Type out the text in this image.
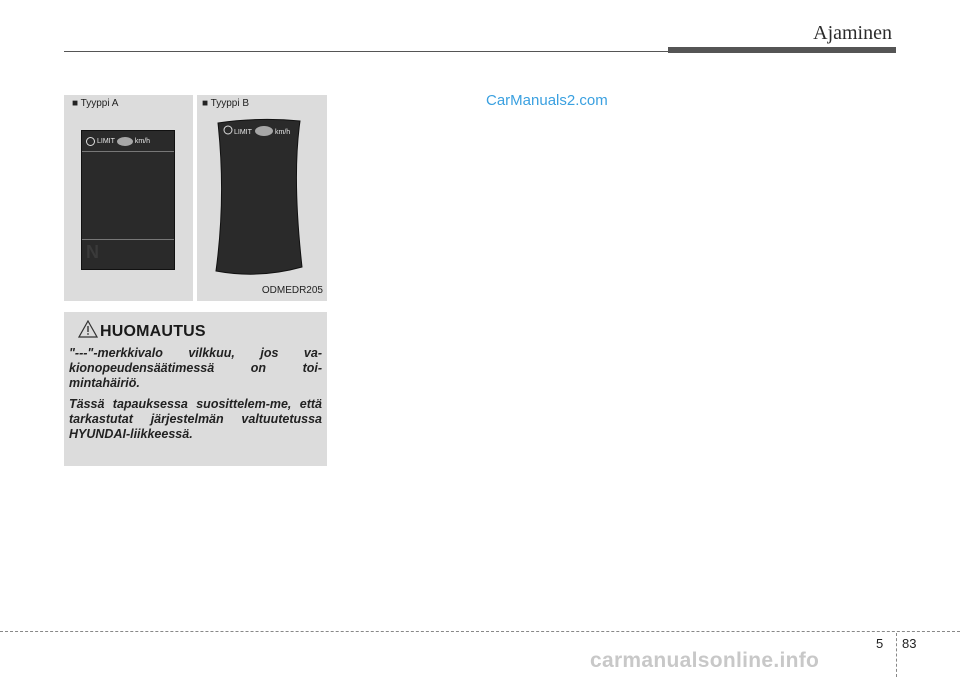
Ajaminen
■ Tyyppi A	■ Tyyppi B
LIMIT	km/h
N
LIMIT	km/h
ODMEDR205
CarManuals2.com
HUOMAUTUS

"---"-merkkivalo vilkkuu, jos va-kionopeudensäätimessä on toi-mintahäiriö.

Tässä tapauksessa suosittelem-me, että tarkastutat järjestelmän valtuutetussa HYUNDAI-liikkeessä.

5 83
carmanualsonline.info
